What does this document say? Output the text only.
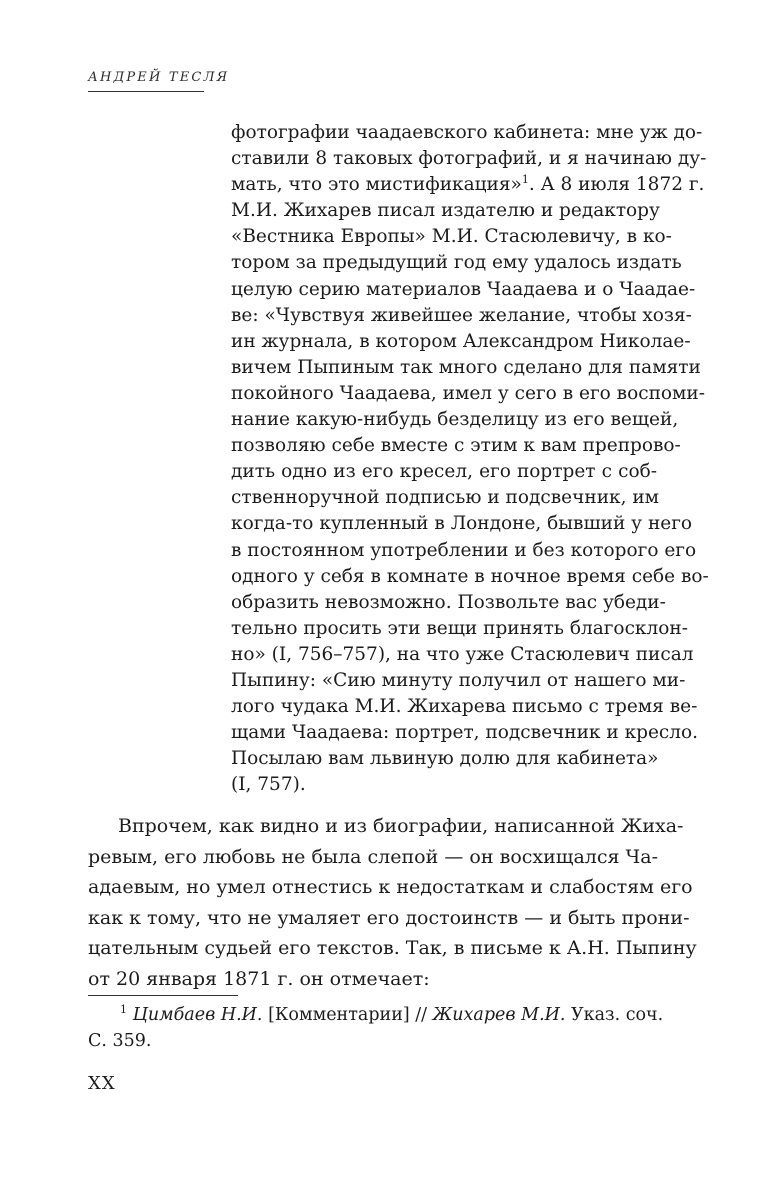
АНДРЕЙ ТЕСЛЯ
фотографии чаадаевского кабинета: мне уж до-
ставили 8 таковых фотографий, и я начинаю ду-
мать, что это мистификация»$^1$. А 8 июля 1872 г.
М.И. Жихарев писал издателю и редактору
«Вестника Европы» М.И. Стасюлевичу, в ко-
тором за предыдущий год ему удалось издать
целую серию материалов Чаадаева и о Чаадае-
ве: «Чувствуя живейшее желание, чтобы хозя-
ин журнала, в котором Александром Николае-
вичем Пыпиным так много сделано для памяти
покойного Чаадаева, имел у сего в его воспоми-
нание какую-нибудь безделицу из его вещей,
позволяю себе вместе с этим к вам препрово-
дить одно из его кресел, его портрет с соб-
ственноручной подписью и подсвечник, им
когда-то купленный в Лондоне, бывший у него
в постоянном употреблении и без которого его
одного у себя в комнате в ночное время себе во-
образить невозможно. Позвольте вас убеди-
тельно просить эти вещи принять благосклон-
но» (I, 756–757), на что уже Стасюлевич писал
Пыпину: «Сию минуту получил от нашего ми-
лого чудака М.И. Жихарева письмо с тремя ве-
щами Чаадаева: портрет, подсвечник и кресло.
Посылаю вам львиную долю для кабинета»
(I, 757).
Впрочем, как видно и из биографии, написанной Жиха-
ревым, его любовь не была слепой — он восхищался Ча-
адаевым, но умел отнестись к недостаткам и слабостям его
как к тому, что не умаляет его достоинств — и быть прони-
цательным судьей его текстов. Так, в письме к А.Н. Пыпину
от 20 января 1871 г. он отмечает:
$^1$ Цимбаев Н.И. [Комментарии] // Жихарев М.И. Указ. соч.
С. 359.
XX
